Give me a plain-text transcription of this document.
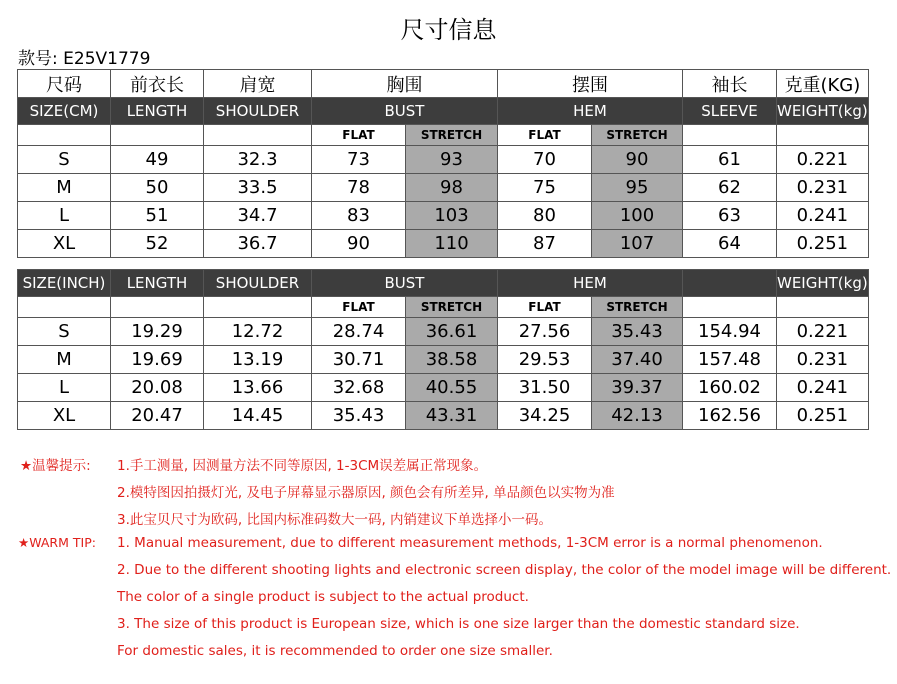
尺寸信息
款号: E25V1779
尺码	前衣长	肩宽	胸围		摆围		袖长	克重(KG)
SIZE(CM)	LENGTH	SHOULDER	BUST		HEM		SLEEVE	WEIGHT(kg)
			FLAT	STRETCH	FLAT	STRETCH		
S	49	32.3	73	93	70	90	61	0.221
M	50	33.5	78	98	75	95	62	0.231
L	51	34.7	83	103	80	100	63	0.241
XL	52	36.7	90	110	87	107	64	0.251
SIZE(INCH)	LENGTH	SHOULDER	BUST		HEM			WEIGHT(kg)
			FLAT	STRETCH	FLAT	STRETCH		
S	19.29	12.72	28.74	36.61	27.56	35.43	154.94	0.221
M	19.69	13.19	30.71	38.58	29.53	37.40	157.48	0.231
L	20.08	13.66	32.68	40.55	31.50	39.37	160.02	0.241
XL	20.47	14.45	35.43	43.31	34.25	42.13	162.56	0.251
★温馨提示: 1.手工测量, 因测量方法不同等原因, 1-3CM误差属正常现象。
2.模特图因拍摄灯光, 及电子屏幕显示器原因, 颜色会有所差异, 单品颜色以实物为准
3.此宝贝尺寸为欧码, 比国内标准码数大一码, 内销建议下单选择小一码。
★WARM TIP: 1. Manual measurement, due to different measurement methods, 1-3CM error is a normal phenomenon.
2. Due to the different shooting lights and electronic screen display, the color of the model image will be different.
The color of a single product is subject to the actual product.
3. The size of this product is European size, which is one size larger than the domestic standard size.
For domestic sales, it is recommended to order one size smaller.
